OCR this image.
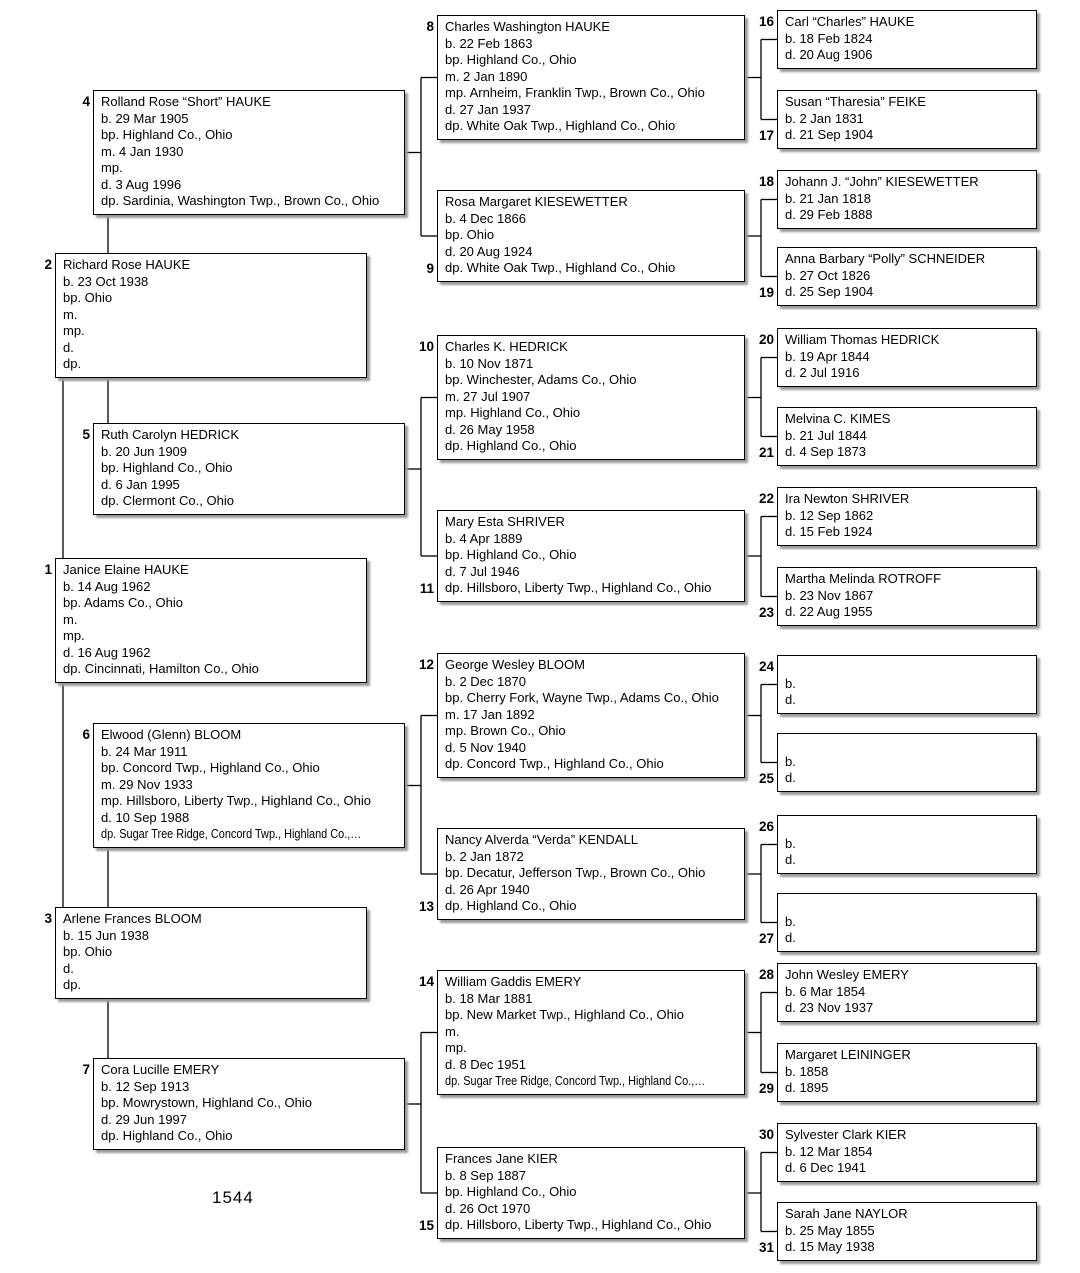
1544
1 Janice Elaine HAUKE
b. 14 Aug 1962
bp. Adams Co., Ohio
m.
mp.
d. 16 Aug 1962
dp. Cincinnati, Hamilton Co., Ohio
2 Richard Rose HAUKE
b. 23 Oct 1938
bp. Ohio
m.
mp.
d.
dp.
3 Arlene Frances BLOOM
b. 15 Jun 1938
bp. Ohio
d.
dp.
4 Rolland Rose “Short” HAUKE
b. 29 Mar 1905
bp. Highland Co., Ohio
m. 4 Jan 1930
mp.
d. 3 Aug 1996
dp. Sardinia, Washington Twp., Brown Co., Ohio
5 Ruth Carolyn HEDRICK
b. 20 Jun 1909
bp. Highland Co., Ohio
d. 6 Jan 1995
dp. Clermont Co., Ohio
6 Elwood (Glenn) BLOOM
b. 24 Mar 1911
bp. Concord Twp., Highland Co., Ohio
m. 29 Nov 1933
mp. Hillsboro, Liberty Twp., Highland Co., Ohio
d. 10 Sep 1988
dp. Sugar Tree Ridge, Concord Twp., Highland Co.,…
7 Cora Lucille EMERY
b. 12 Sep 1913
bp. Mowrystown, Highland Co., Ohio
d. 29 Jun 1997
dp. Highland Co., Ohio
8 Charles Washington HAUKE
b. 22 Feb 1863
bp. Highland Co., Ohio
m. 2 Jan 1890
mp. Arnheim, Franklin Twp., Brown Co., Ohio
d. 27 Jan 1937
dp. White Oak Twp., Highland Co., Ohio
9
Rosa Margaret KIESEWETTER
b. 4 Dec 1866
bp. Ohio
d. 20 Aug 1924
dp. White Oak Twp., Highland Co., Ohio
10 Charles K. HEDRICK
b. 10 Nov 1871
bp. Winchester, Adams Co., Ohio
m. 27 Jul 1907
mp. Highland Co., Ohio
d. 26 May 1958
dp. Highland Co., Ohio
11
Mary Esta SHRIVER
b. 4 Apr 1889
bp. Highland Co., Ohio
d. 7 Jul 1946
dp. Hillsboro, Liberty Twp., Highland Co., Ohio
12 George Wesley BLOOM
b. 2 Dec 1870
bp. Cherry Fork, Wayne Twp., Adams Co., Ohio
m. 17 Jan 1892
mp. Brown Co., Ohio
d. 5 Nov 1940
dp. Concord Twp., Highland Co., Ohio
13
Nancy Alverda “Verda” KENDALL
b. 2 Jan 1872
bp. Decatur, Jefferson Twp., Brown Co., Ohio
d. 26 Apr 1940
dp. Highland Co., Ohio
14 William Gaddis EMERY
b. 18 Mar 1881
bp. New Market Twp., Highland Co., Ohio
m.
mp.
d. 8 Dec 1951
dp. Sugar Tree Ridge, Concord Twp., Highland Co.,…
15
Frances Jane KIER
b. 8 Sep 1887
bp. Highland Co., Ohio
d. 26 Oct 1970
dp. Hillsboro, Liberty Twp., Highland Co., Ohio
16 Carl “Charles” HAUKE
b. 18 Feb 1824
d. 20 Aug 1906
17
Susan “Tharesia” FEIKE
b. 2 Jan 1831
d. 21 Sep 1904
18 Johann J. “John” KIESEWETTER
b. 21 Jan 1818
d. 29 Feb 1888
19
Anna Barbary “Polly” SCHNEIDER
b. 27 Oct 1826
d. 25 Sep 1904
20 William Thomas HEDRICK
b. 19 Apr 1844
d. 2 Jul 1916
21
Melvina C. KIMES
b. 21 Jul 1844
d. 4 Sep 1873
22 Ira Newton SHRIVER
b. 12 Sep 1862
d. 15 Feb 1924
23
Martha Melinda ROTROFF
b. 23 Nov 1867
d. 22 Aug 1955
24
b.
d.
25
b.
d.
26
b.
d.
27
b.
d.
28 John Wesley EMERY
b. 6 Mar 1854
d. 23 Nov 1937
29
Margaret LEININGER
b. 1858
d. 1895
30 Sylvester Clark KIER
b. 12 Mar 1854
d. 6 Dec 1941
31
Sarah Jane NAYLOR
b. 25 May 1855
d. 15 May 1938
